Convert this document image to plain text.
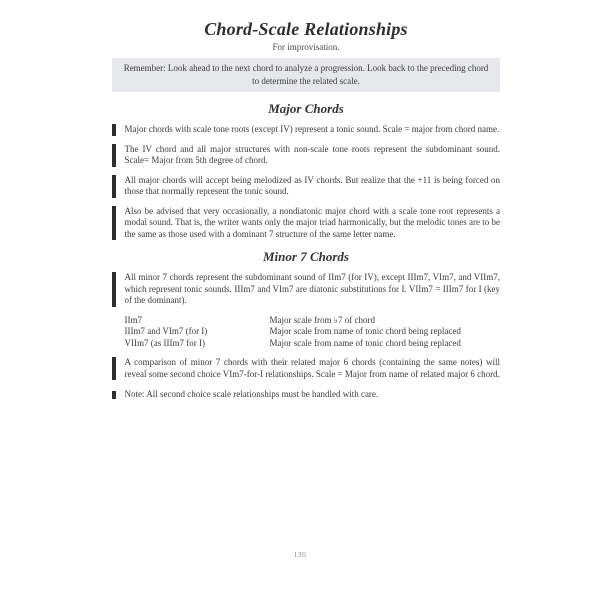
Chord-Scale Relationships
For improvisation.
Remember: Look ahead to the next chord to analyze a progression. Look back to the preceding chord to determine the related scale.
Major Chords
Major chords with scale tone roots (except IV) represent a tonic sound. Scale = major from chord name.
The IV chord and all major structures with non-scale tone roots represent the subdominant sound. Scale= Major from 5th degree of chord.
All major chords will accept being melodized as IV chords. But realize that the +11 is being forced on those that normally represent the tonic sound.
Also be advised that very occasionally, a nondiatonic major chord with a scale tone root represents a modal sound. That is, the writer wants only the major triad harmonically, but the melodic tones are to be the same as those used with a dominant 7 structure of the same letter name.
Minor 7 Chords
All minor 7 chords represent the subdominant sound of IIm7 (for IV), except IIIm7, VIm7, and VIIm7, which represent tonic sounds. IIIm7 and VIm7 are diatonic substitutions for I. VIIm7 = IIIm7 for I (key of the dominant).
IIm7	Major scale from ♭7 of chord
IIIm7 and VIm7 (for I)	Major scale from name of tonic chord being replaced
VIIm7 (as IIIm7 for I)	Major scale from name of tonic chord being replaced
A comparison of minor 7 chords with their related major 6 chords (containing the same notes) will reveal some second choice VIm7-for-I relationships. Scale = Major from name of related major 6 chord.
Note: All second choice scale relationships must be handled with care.
130
